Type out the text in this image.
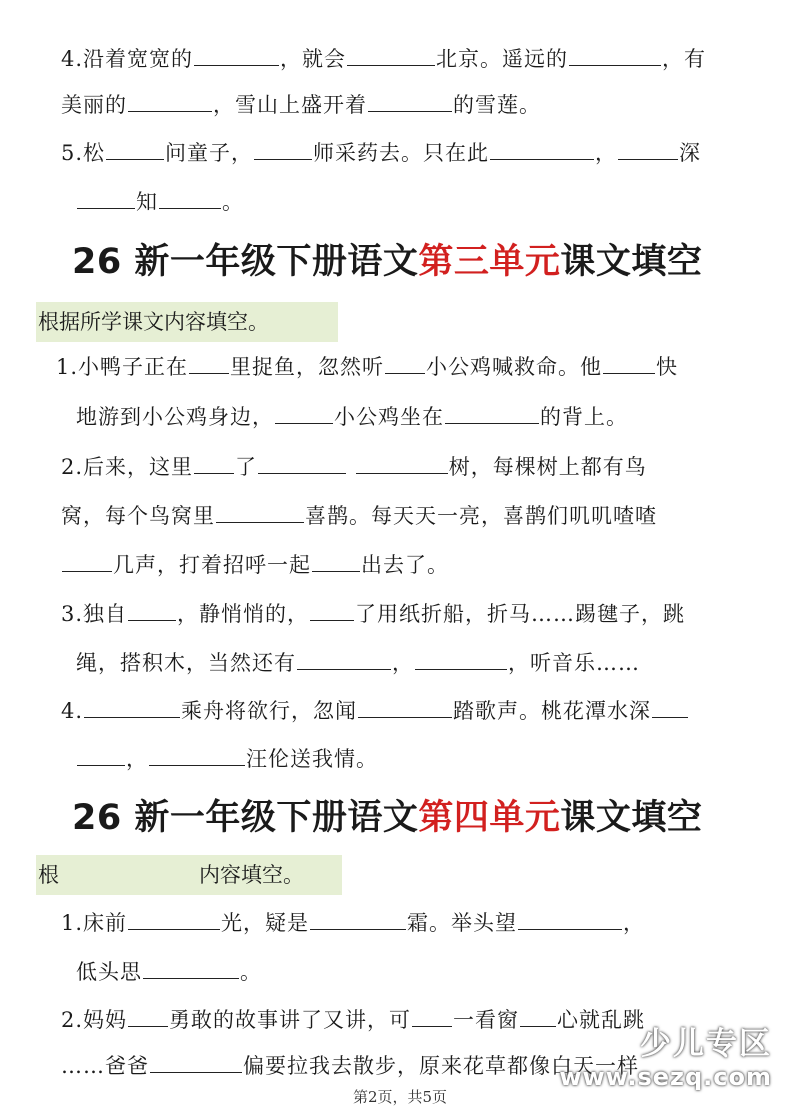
4.沿着宽宽的	，就会	北京。遥远的	，有
美丽的	，雪山上盛开着	的雪莲。
5.松	问童子，	师采药去。只在此	，	深
知	。
26 新一年级下册语文第三单元课文填空
根据所学课文内容填空。
1.小鸭子正在 里捉鱼，忽然听 小公鸡喊救命。他	快
地游到小公鸡身边，	小公鸡坐在	的背上。
2.后来，这里 了	树，每棵树上都有鸟
窝，每个鸟窝里	喜鹊。每天天一亮，喜鹊们叽叽喳喳
几声，打着招呼一起 出去了。
3.独自 ，静悄悄的， 了用纸折船，折马……踢毽子，跳
绳，搭积木，当然还有	，	，听音乐……
4.	乘舟将欲行，忽闻	踏歌声。桃花潭水深
，	汪伦送我情。
26 新一年级下册语文第四单元课文填空
根	内容填空。
1.床前	光，疑是	霜。举头望	，
低头思	。
2.妈妈 勇敢的故事讲了又讲，可 一看窗 心就乱跳
……爸爸	偏要拉我去散步，原来花草都像白天一样
少儿专区
www.sezq.com
第2页，共5页
